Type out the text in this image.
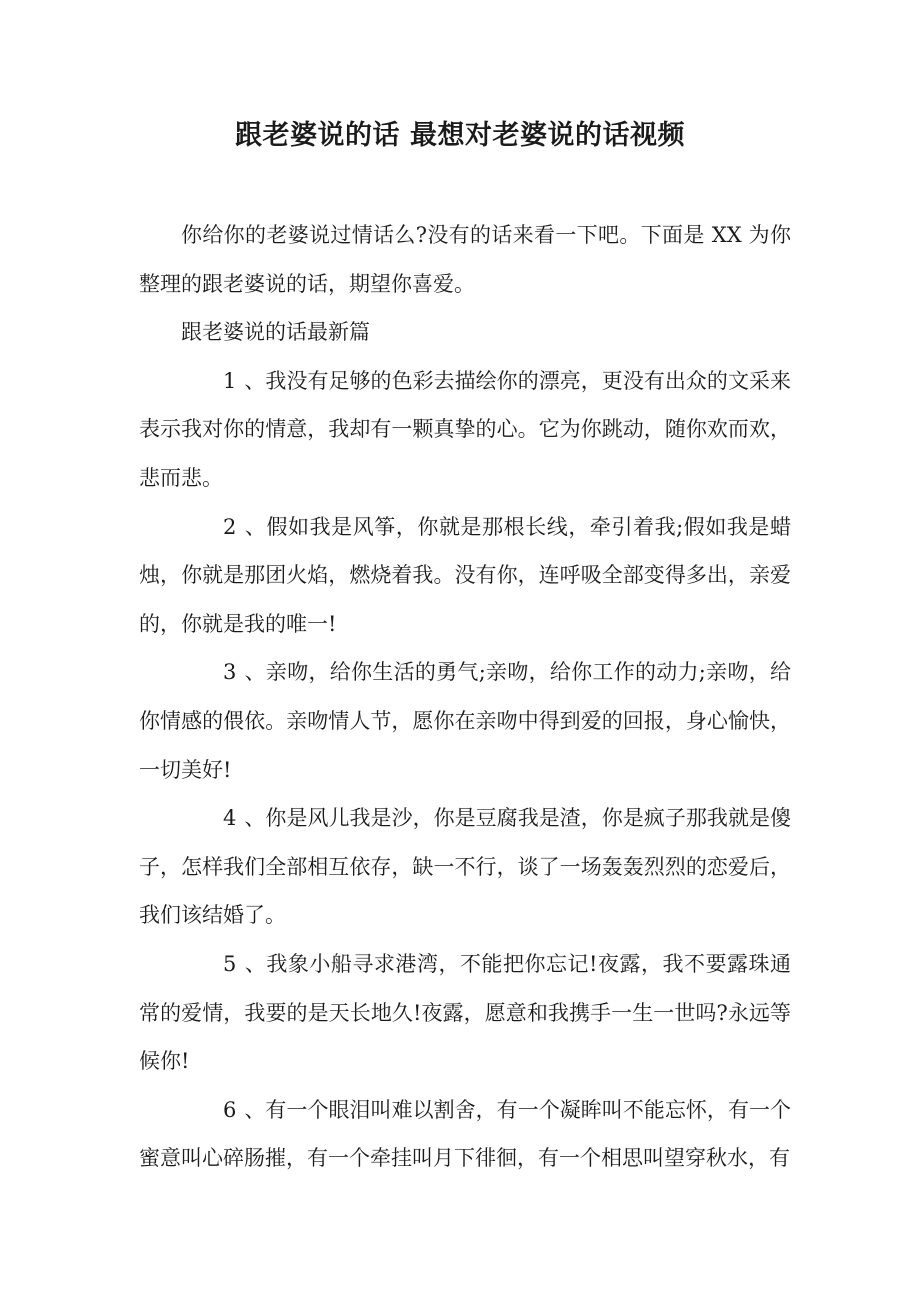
跟老婆说的话 最想对老婆说的话视频

你给你的老婆说过情话么?没有的话来看一下吧。下面是 XX 为你整理的跟老婆说的话，期望你喜爱。

跟老婆说的话最新篇

1 、我没有足够的色彩去描绘你的漂亮，更没有出众的文采来表示我对你的情意，我却有一颗真挚的心。它为你跳动，随你欢而欢，悲而悲。

2 、假如我是风筝，你就是那根长线，牵引着我;假如我是蜡烛，你就是那团火焰，燃烧着我。没有你，连呼吸全部变得多出，亲爱的，你就是我的唯一!

3 、亲吻，给你生活的勇气;亲吻，给你工作的动力;亲吻，给你情感的偎依。亲吻情人节，愿你在亲吻中得到爱的回报，身心愉快，一切美好!

4 、你是风儿我是沙，你是豆腐我是渣，你是疯子那我就是傻子，怎样我们全部相互依存，缺一不行，谈了一场轰轰烈烈的恋爱后，我们该结婚了。

5 、我象小船寻求港湾，不能把你忘记!夜露，我不要露珠通常的爱情，我要的是天长地久!夜露，愿意和我携手一生一世吗?永远等候你!

6 、有一个眼泪叫难以割舍，有一个凝眸叫不能忘怀，有一个蜜意叫心碎肠摧，有一个牵挂叫月下徘徊，有一个相思叫望穿秋水，有
